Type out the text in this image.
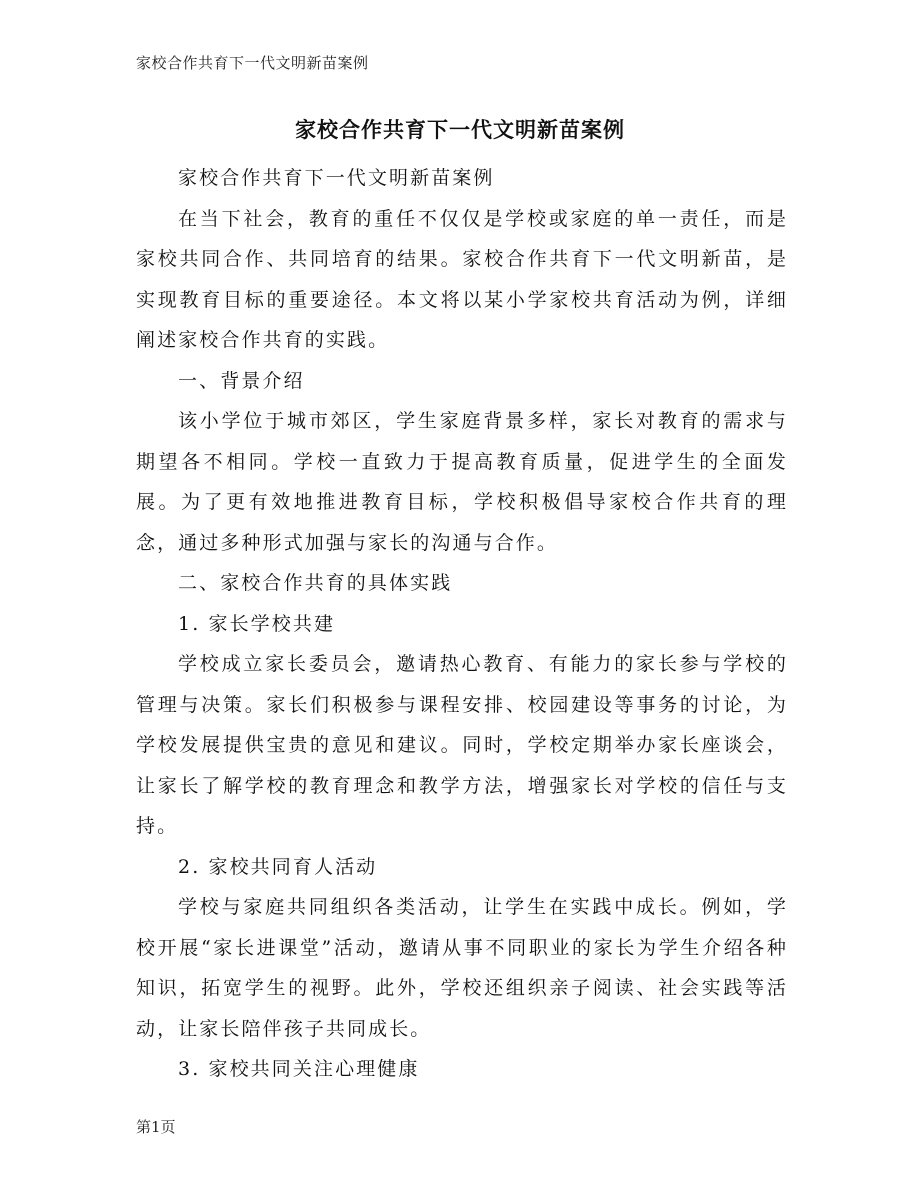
家校合作共育下一代文明新苗案例
家校合作共育下一代文明新苗案例

家校合作共育下一代文明新苗案例

在当下社会，教育的重任不仅仅是学校或家庭的单一责任，而是家校共同合作、共同培育的结果。家校合作共育下一代文明新苗，是实现教育目标的重要途径。本文将以某小学家校共育活动为例，详细阐述家校合作共育的实践。

一、背景介绍

该小学位于城市郊区，学生家庭背景多样，家长对教育的需求与期望各不相同。学校一直致力于提高教育质量，促进学生的全面发展。为了更有效地推进教育目标，学校积极倡导家校合作共育的理念，通过多种形式加强与家长的沟通与合作。

二、家校合作共育的具体实践

1. 家长学校共建

学校成立家长委员会，邀请热心教育、有能力的家长参与学校的管理与决策。家长们积极参与课程安排、校园建设等事务的讨论，为学校发展提供宝贵的意见和建议。同时，学校定期举办家长座谈会，让家长了解学校的教育理念和教学方法，增强家长对学校的信任与支持。

2. 家校共同育人活动

学校与家庭共同组织各类活动，让学生在实践中成长。例如，学校开展“家长进课堂”活动，邀请从事不同职业的家长为学生介绍各种知识，拓宽学生的视野。此外，学校还组织亲子阅读、社会实践等活动，让家长陪伴孩子共同成长。

3. 家校共同关注心理健康

第1页
